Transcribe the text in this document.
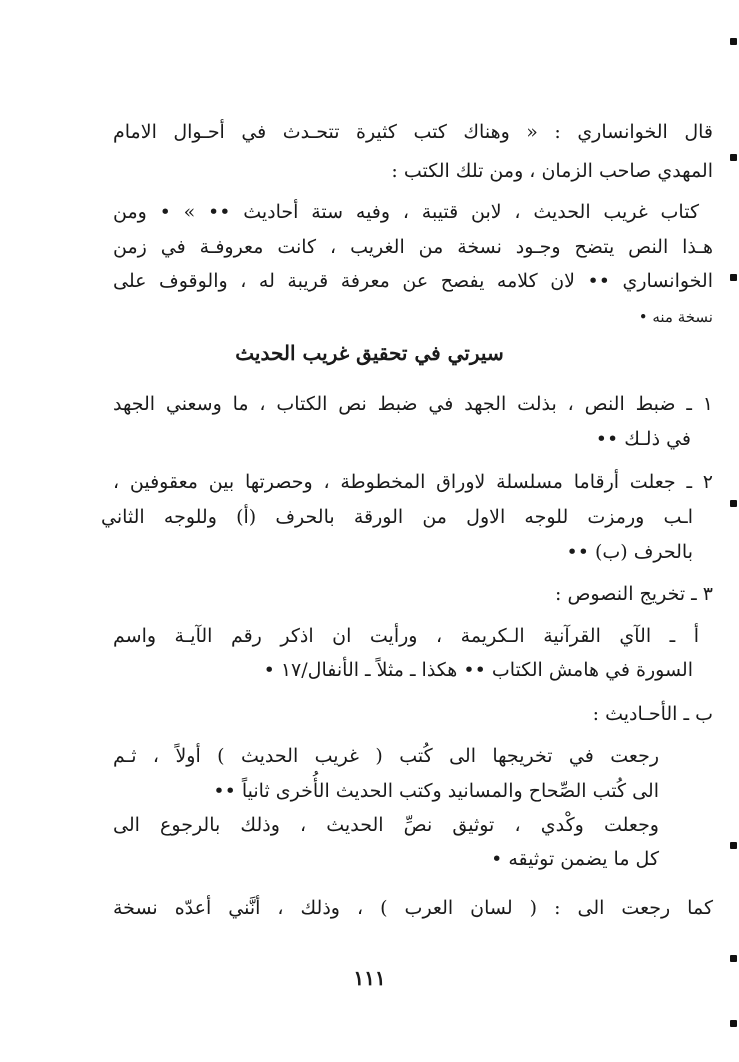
قال الخوانساري : « وهناك كتب كثيرة تتحـدث في أحـوال الامام
المهدي صاحب الزمان ، ومن تلك الكتب :
كتاب غريب الحديث ، لابن قتيبة ، وفيه ستة أحاديث •• » • ومن
هـذا النص يتضح وجـود نسخة من الغريب ، كانت معروفـة في زمن
الخوانساري •• لان كلامه يفصح عن معرفة قريبة له ، والوقوف على
نسخة منه •
سيرتي في تحقيق غريب الحديث
١ ـ ضبط النص ، بذلت الجهد في ضبط نص الكتاب ، ما وسعني الجهد
في ذلـك ••
٢ ـ جعلت أرقاما مسلسلة لاوراق المخطوطة ، وحصرتها بين معقوفين ،
اـب ورمزت للوجه الاول من الورقة بالحرف (أ) وللوجه الثاني
بالحرف (ب) ••
٣ ـ تخريج النصوص :
أ ـ الآي القرآنية الـكريمة ، ورأيت ان اذكر رقم الآيـة واسم
السورة في هامش الكتاب •• هكذا ـ مثلاً ـ الأنفال/١٧ •
ب ـ الأحـاديث :
رجعت في تخريجها الى كُتب ( غريب الحديث ) أولاً ، ثـم
الى كُتب الصِّحاح والمسانيد وكتب الحديث الأُخرى ثانياً ••
وجعلت وكْدي ، توثيق نصِّ الحديث ، وذلك بالرجوع الى
كل ما يضمن توثيقه •
كما رجعت الى : ( لسان العرب ) ، وذلك ، أنَّني أعدّه نسخة
١١١
